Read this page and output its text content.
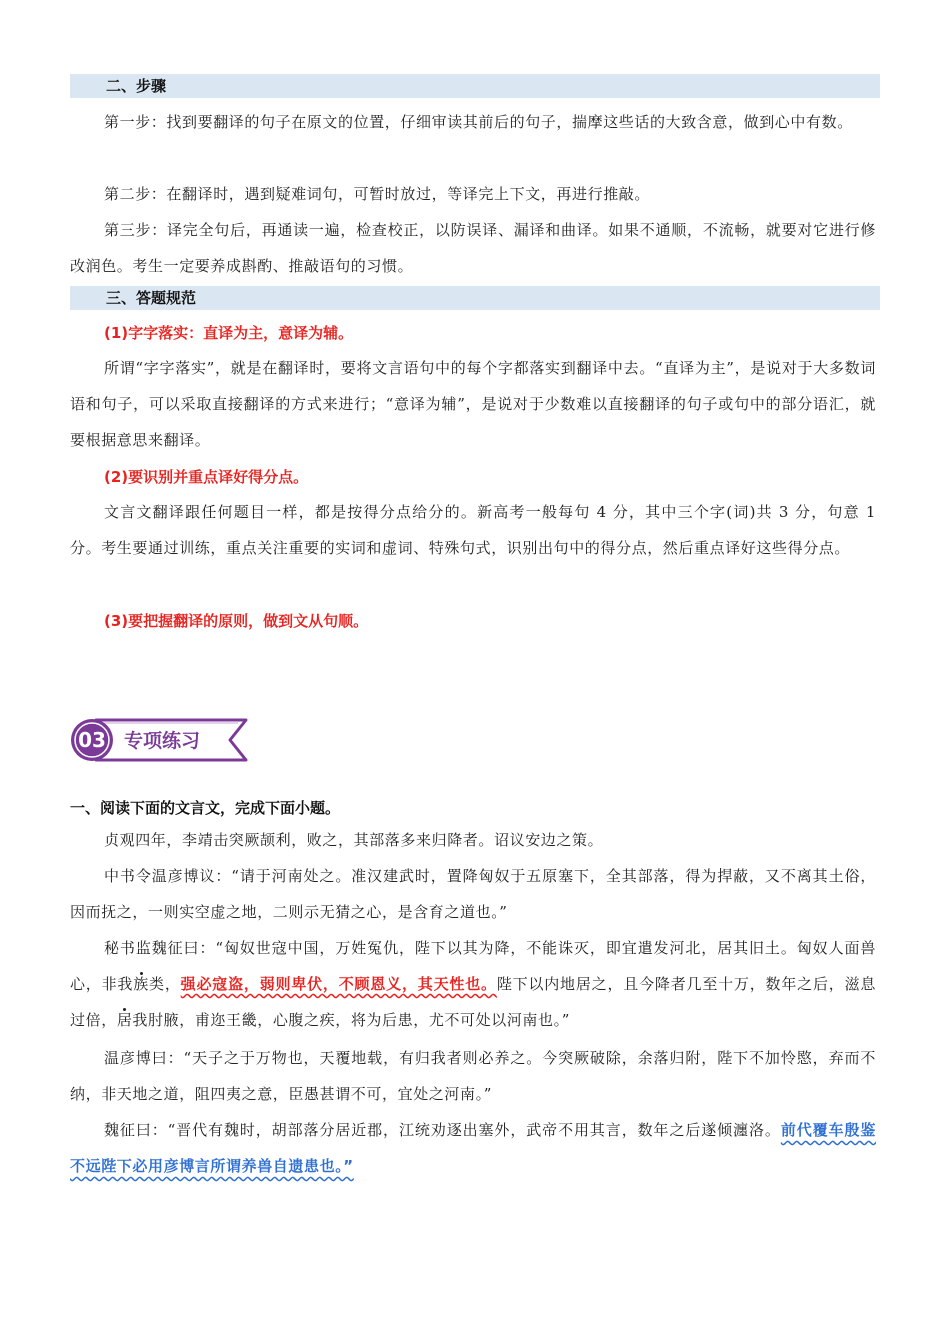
二、步骤

第一步：找到要翻译的句子在原文的位置，仔细审读其前后的句子，揣摩这些话的大致含意，做到心中有数。

第二步：在翻译时，遇到疑难词句，可暂时放过，等译完上下文，再进行推敲。

第三步：译完全句后，再通读一遍，检查校正，以防误译、漏译和曲译。如果不通顺，不流畅，就要对它进行修改润色。考生一定要养成斟酌、推敲语句的习惯。

三、答题规范
(1)字字落实：直译为主，意译为辅。

所谓“字字落实”，就是在翻译时，要将文言语句中的每个字都落实到翻译中去。“直译为主”，是说对于大多数词语和句子，可以采取直接翻译的方式来进行；“意译为辅”，是说对于少数难以直接翻译的句子或句中的部分语汇，就要根据意思来翻译。

(2)要识别并重点译好得分点。

文言文翻译跟任何题目一样，都是按得分点给分的。新高考一般每句 4 分，其中三个字(词)共 3 分，句意 1 分。考生要通过训练，重点关注重要的实词和虚词、特殊句式，识别出句中的得分点，然后重点译好这些得分点。

(3)要把握翻译的原则，做到文从句顺。
03 专项练习
一、阅读下面的文言文，完成下面小题。

贞观四年，李靖击突厥颉利，败之，其部落多来归降者。诏议安边之策。

中书令温彦博议：“请于河南处之。准汉建武时，置降匈奴于五原塞下，全其部落，得为捍蔽，又不离其土俗，因而抚之，一则实空虚之地，二则示无猜之心，是含育之道也。”

秘书监魏征曰：“匈奴世寇中国，万姓冤仇，陛下以其为降，不能诛灭，即宜遣发河北，居其旧土。匈奴人面兽心，非我族类，强必寇盗，弱则卑伏，不顾恩义，其天性也。陛下以内地居之，且今降者几至十万，数年之后，滋息过倍，居我肘腋，甫迩王畿，心腹之疾，将为后患，尤不可处以河南也。”

温彦博曰：“天子之于万物也，天覆地载，有归我者则必养之。今突厥破除，余落归附，陛下不加怜愍，弃而不纳，非天地之道，阻四夷之意，臣愚甚谓不可，宜处之河南。”

魏征曰：“晋代有魏时，胡部落分居近郡，江统劝逐出塞外，武帝不用其言，数年之后遂倾瀍洛。前代覆车殷鉴不远陛下必用彦博言所谓养兽自遗患也。”
